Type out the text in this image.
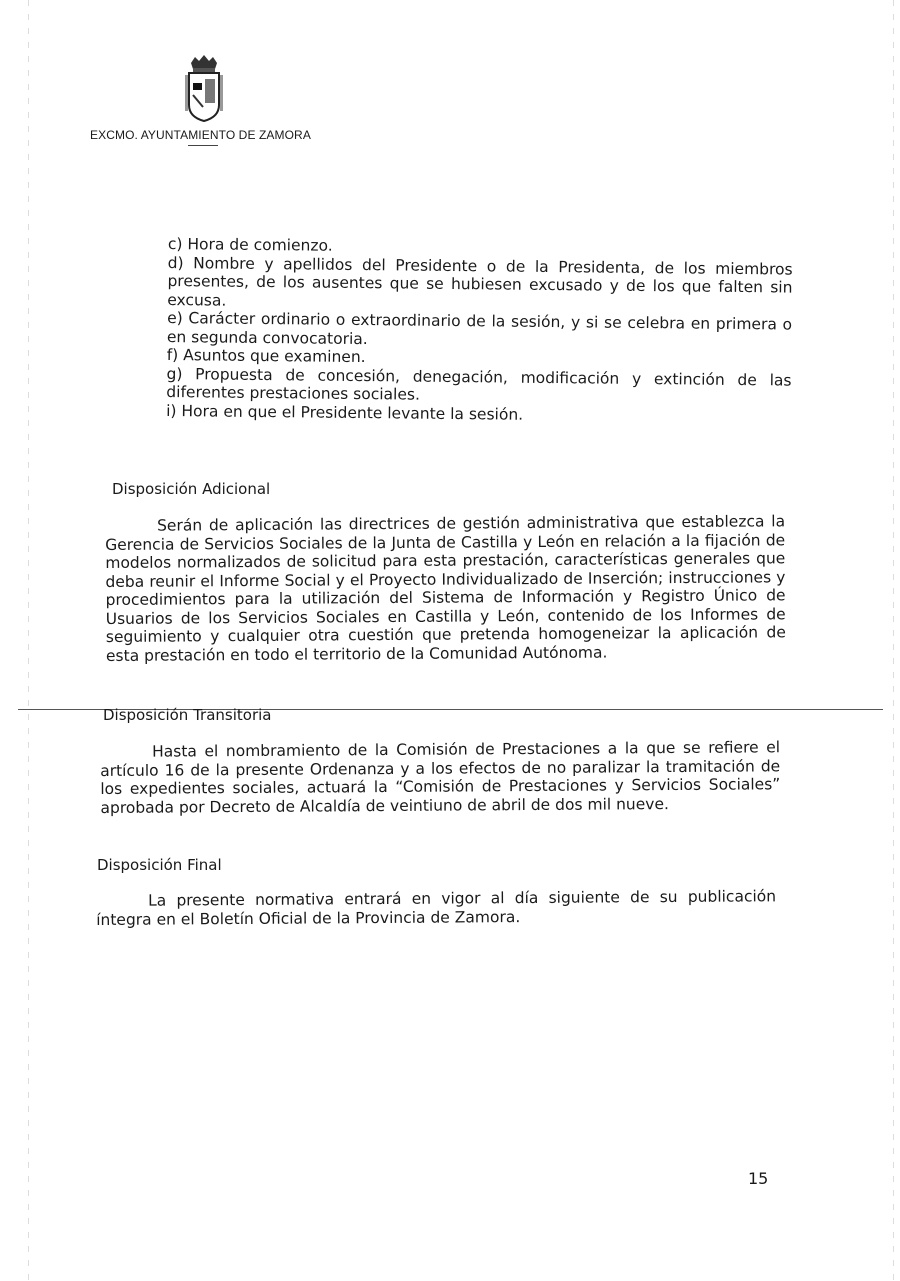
EXCMO. AYUNTAMIENTO DE ZAMORA

c) Hora de comienzo.

d) Nombre y apellidos del Presidente o de la Presidenta, de los miembros presentes, de los ausentes que se hubiesen excusado y de los que falten sin excusa.

e) Carácter ordinario o extraordinario de la sesión, y si se celebra en primera o en segunda convocatoria.

f) Asuntos que examinen.

g) Propuesta de concesión, denegación, modificación y extinción de las diferentes prestaciones sociales.

i) Hora en que el Presidente levante la sesión.

Disposición Adicional

Serán de aplicación las directrices de gestión administrativa que establezca la Gerencia de Servicios Sociales de la Junta de Castilla y León en relación a la fijación de modelos normalizados de solicitud para esta prestación, características generales que deba reunir el Informe Social y el Proyecto Individualizado de Inserción; instrucciones y procedimientos para la utilización del Sistema de Información y Registro Único de Usuarios de los Servicios Sociales en Castilla y León, contenido de los Informes de seguimiento y cualquier otra cuestión que pretenda homogeneizar la aplicación de esta prestación en todo el territorio de la Comunidad Autónoma.

Disposición Transitoria

Hasta el nombramiento de la Comisión de Prestaciones a la que se refiere el artículo 16 de la presente Ordenanza y a los efectos de no paralizar la tramitación de los expedientes sociales, actuará la “Comisión de Prestaciones y Servicios Sociales” aprobada por Decreto de Alcaldía de veintiuno de abril de dos mil nueve.

Disposición Final

La presente normativa entrará en vigor al día siguiente de su publicación íntegra en el Boletín Oficial de la Provincia de Zamora.

15
